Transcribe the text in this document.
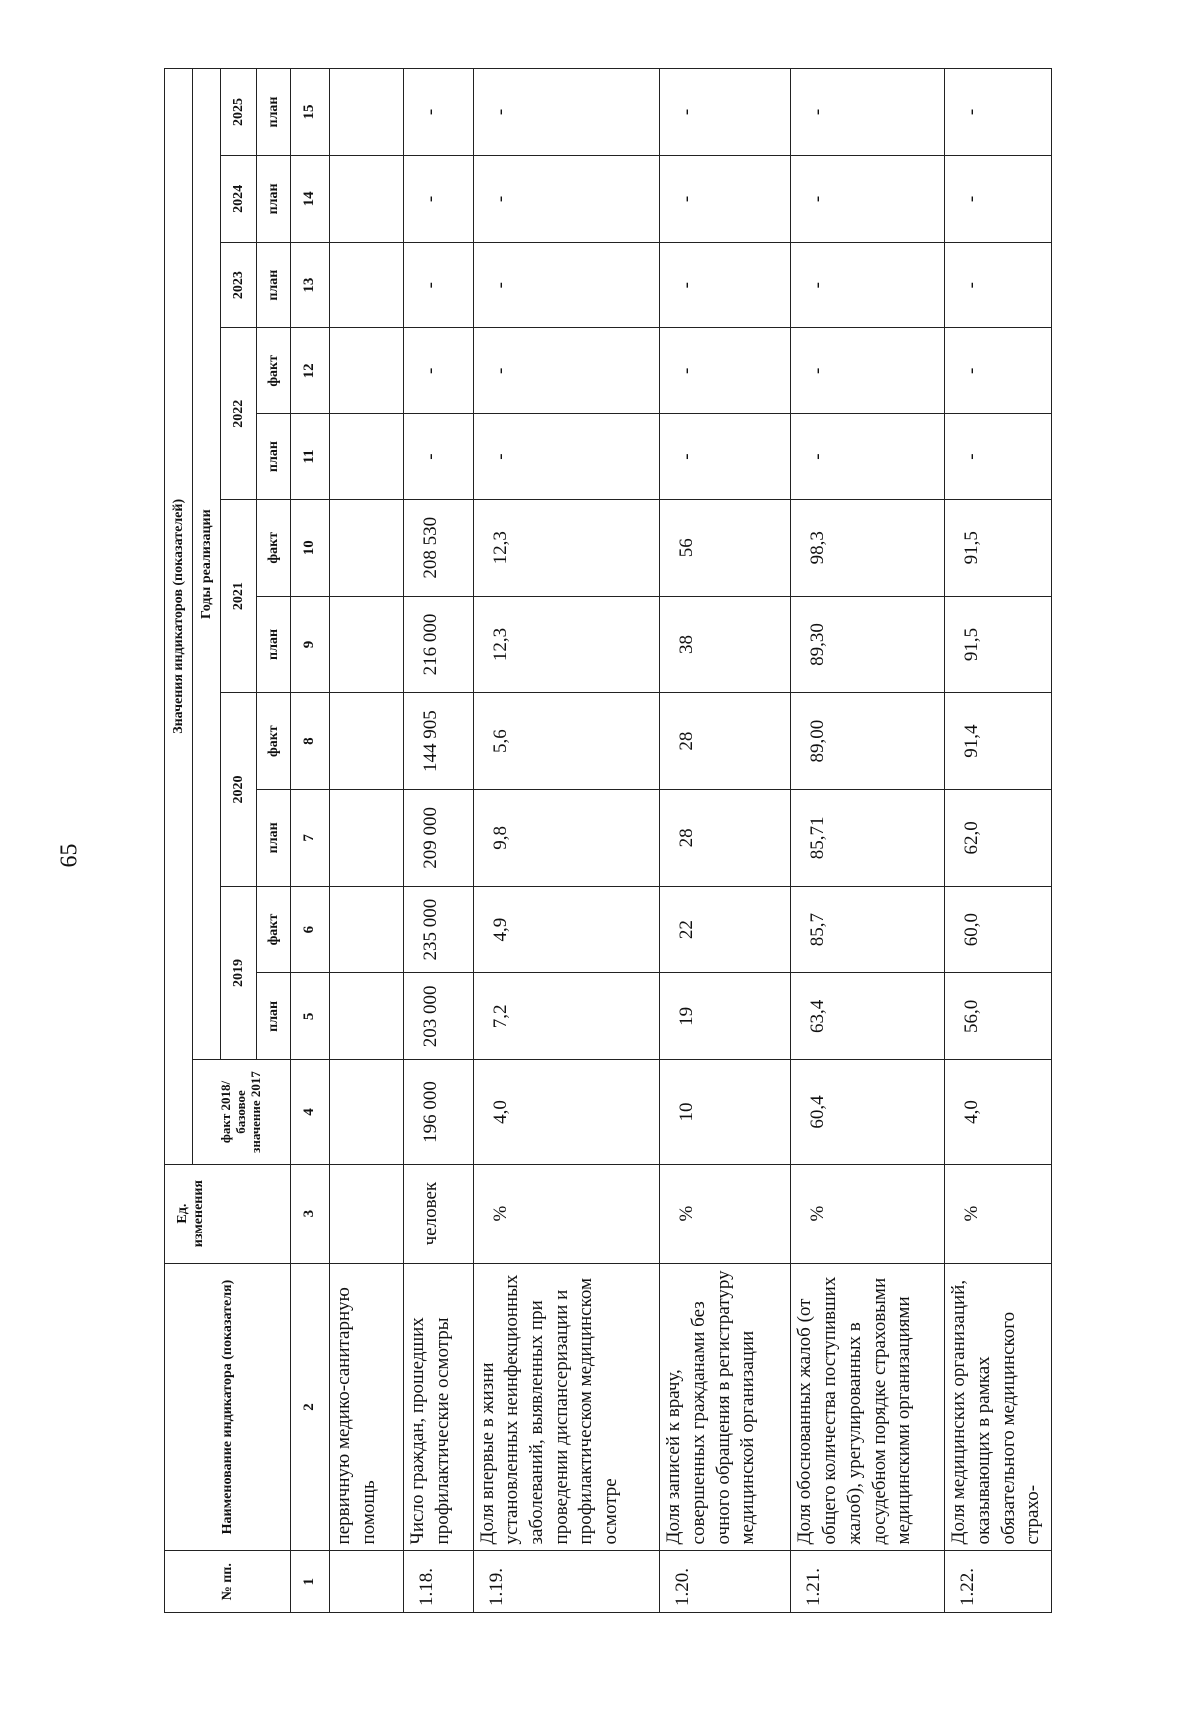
65
№ пп.	Наименование индикатора (показателя)	Ед. изменения	Значения индикаторов (показателей)											
			факт 2018/базовое значение 2017	Годы реализации										
				2019		2020		2021		2022		2023	2024	2025
				план	факт	план	факт	план	факт	план	факт	план	план	план
1	2	3	4	5	6	7	8	9	10	11	12	13	14	15
	первичную медико-санитарную помощь													
1.18.	Число граждан, прошедших профилактические осмотры	человек	196 000	203 000	235 000	209 000	144 905	216 000	208 530	-	-	-	-	-
1.19.	Доля впервые в жизни установленных неинфекционных заболеваний, выявленных при проведении диспансеризации и профилактическом медицинском осмотре	%	4,0	7,2	4,9	9,8	5,6	12,3	12,3	-	-	-	-	-
1.20.	Доля записей к врачу, совершенных гражданами без очного обращения в регистратуру медицинской организации	%	10	19	22	28	28	38	56	-	-	-	-	-
1.21.	Доля обоснованных жалоб (от общего количества поступивших жалоб), урегулированных в досудебном порядке страховыми медицинскими организациями	%	60,4	63,4	85,7	85,71	89,00	89,30	98,3	-	-	-	-	-
1.22.	Доля медицинских организаций, оказывающих в рамках обязательного медицинского страхо-	%	4,0	56,0	60,0	62,0	91,4	91,5	91,5	-	-	-	-	-
